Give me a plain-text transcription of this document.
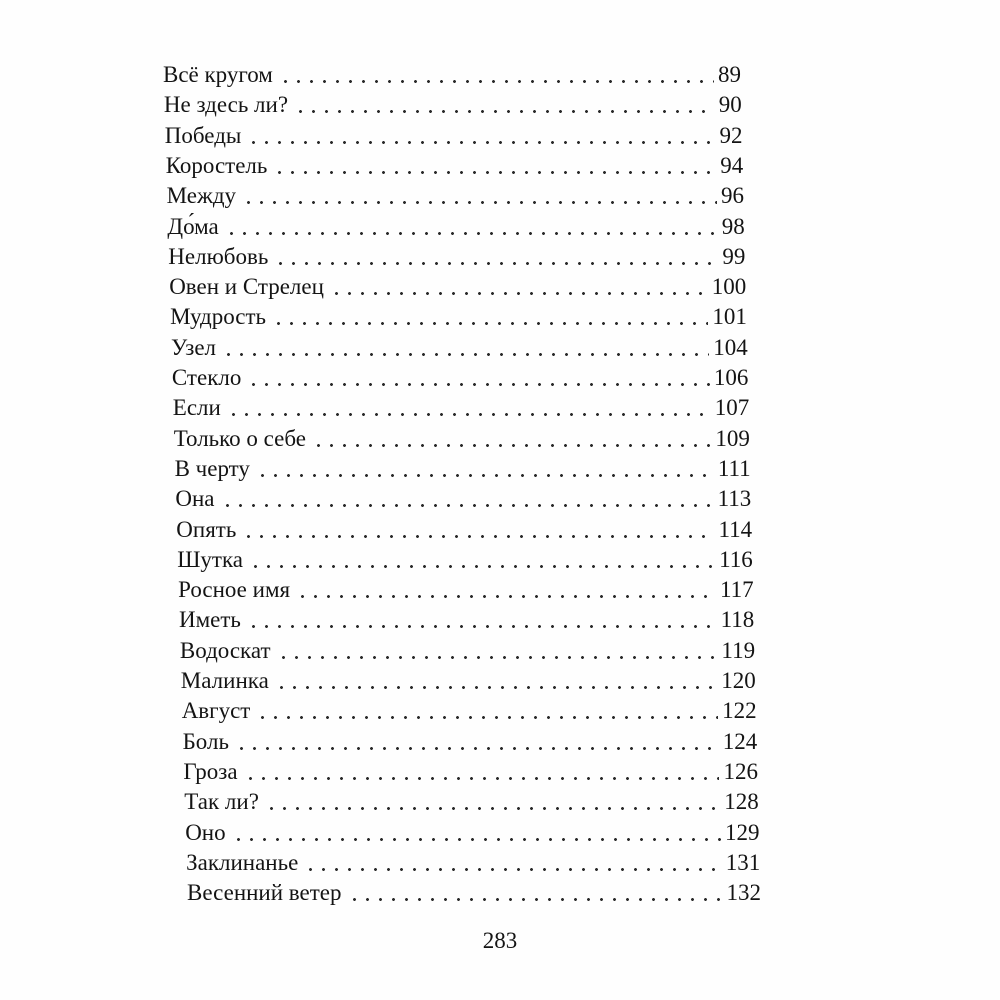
Всё кругом	89
Не здесь ли?	90
Победы	92
Коростель	94
Между	96
До́ма	98
Нелюбовь	99
Овен и Стрелец	100
Мудрость	101
Узел	104
Стекло	106
Если	107
Только о себе	109
В черту	111
Она	113
Опять	114
Шутка	116
Росное имя	117
Иметь	118
Водоскат	119
Малинка	120
Август	122
Боль	124
Гроза	126
Так ли?	128
Оно	129
Заклинанье	131
Весенний ветер	132
283
